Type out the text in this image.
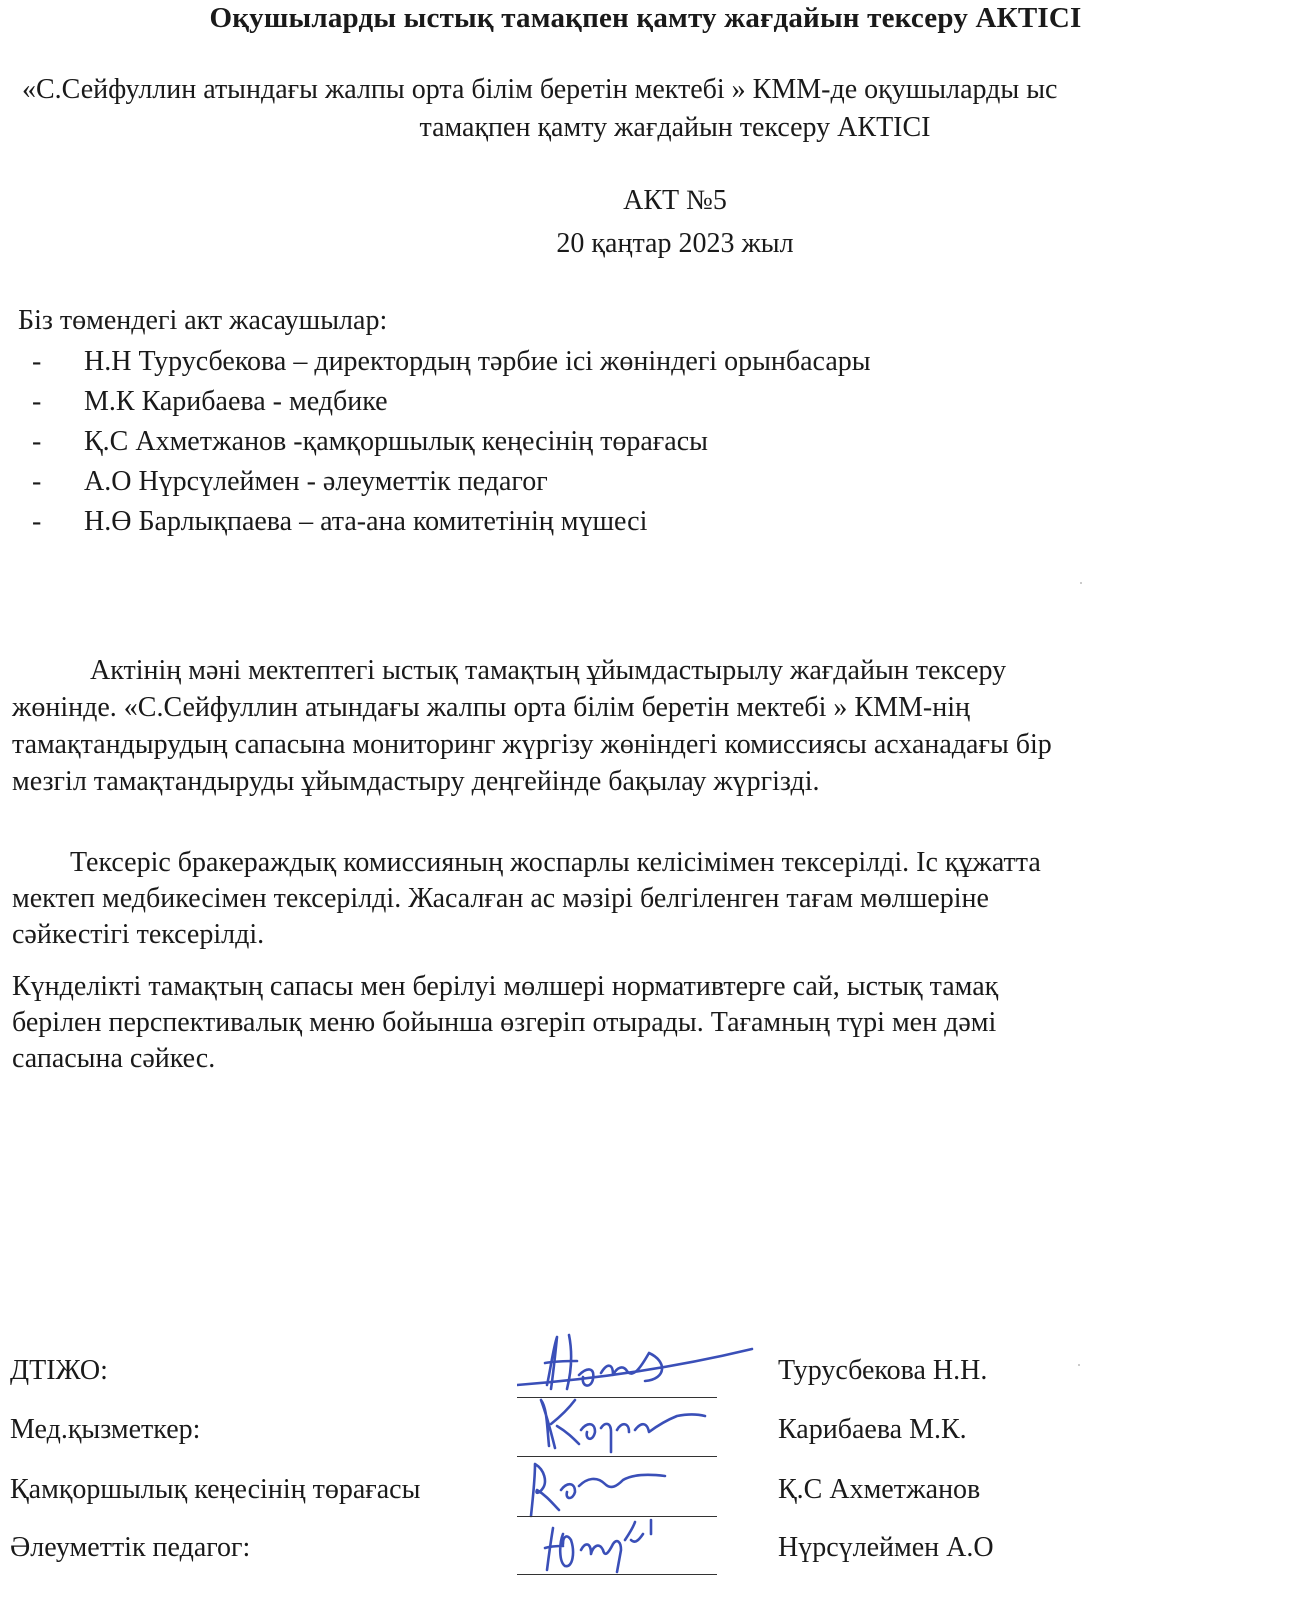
Оқушыларды ыстық тамақпен қамту жағдайын тексеру АКТІСІ
«С.Сейфуллин атындағы жалпы орта білім беретін мектебі » КММ-де оқушыларды ыс
тамақпен қамту жағдайын тексеру АКТІСІ
АКТ №5
20 қаңтар 2023 жыл
Біз төмендегі акт жасаушылар:
- Н.Н Турусбекова – директордың тәрбие ісі жөніндегі орынбасары
- М.К Карибаева - медбике
- Қ.С Ахметжанов -қамқоршылық кеңесінің төрағасы
- А.О Нүрсүлеймен - әлеуметтік педагог
- Н.Ө Барлықпаева – ата-ана комитетінің мүшесі
Актінің мәні мектептегі ыстық тамақтың ұйымдастырылу жағдайын тексеру
жөнінде. «С.Сейфуллин атындағы жалпы орта білім беретін мектебі » КММ-нің
тамақтандырудың сапасына мониторинг жүргізу жөніндегі комиссиясы асханадағы бір
мезгіл тамақтандыруды ұйымдастыру деңгейінде бақылау жүргізді.
Тексеріс бракераждық комиссияның жоспарлы келісімімен тексерілді. Іс құжатта
мектеп медбикесімен тексерілді. Жасалған ас мәзірі белгіленген тағам мөлшеріне
сәйкестігі тексерілді.
Күнделікті тамақтың сапасы мен берілуі мөлшері нормативтерге сай, ыстық тамақ
берілен перспективалық меню бойынша өзгеріп отырады. Тағамның түрі мен дәмі
сапасына сәйкес.
ДТІЖО:	Турусбекова Н.Н.
Мед.қызметкер:	Карибаева М.К.
Қамқоршылық кеңесінің төрағасы	Қ.С Ахметжанов
Әлеуметтік педагог:	Нүрсүлеймен А.О
